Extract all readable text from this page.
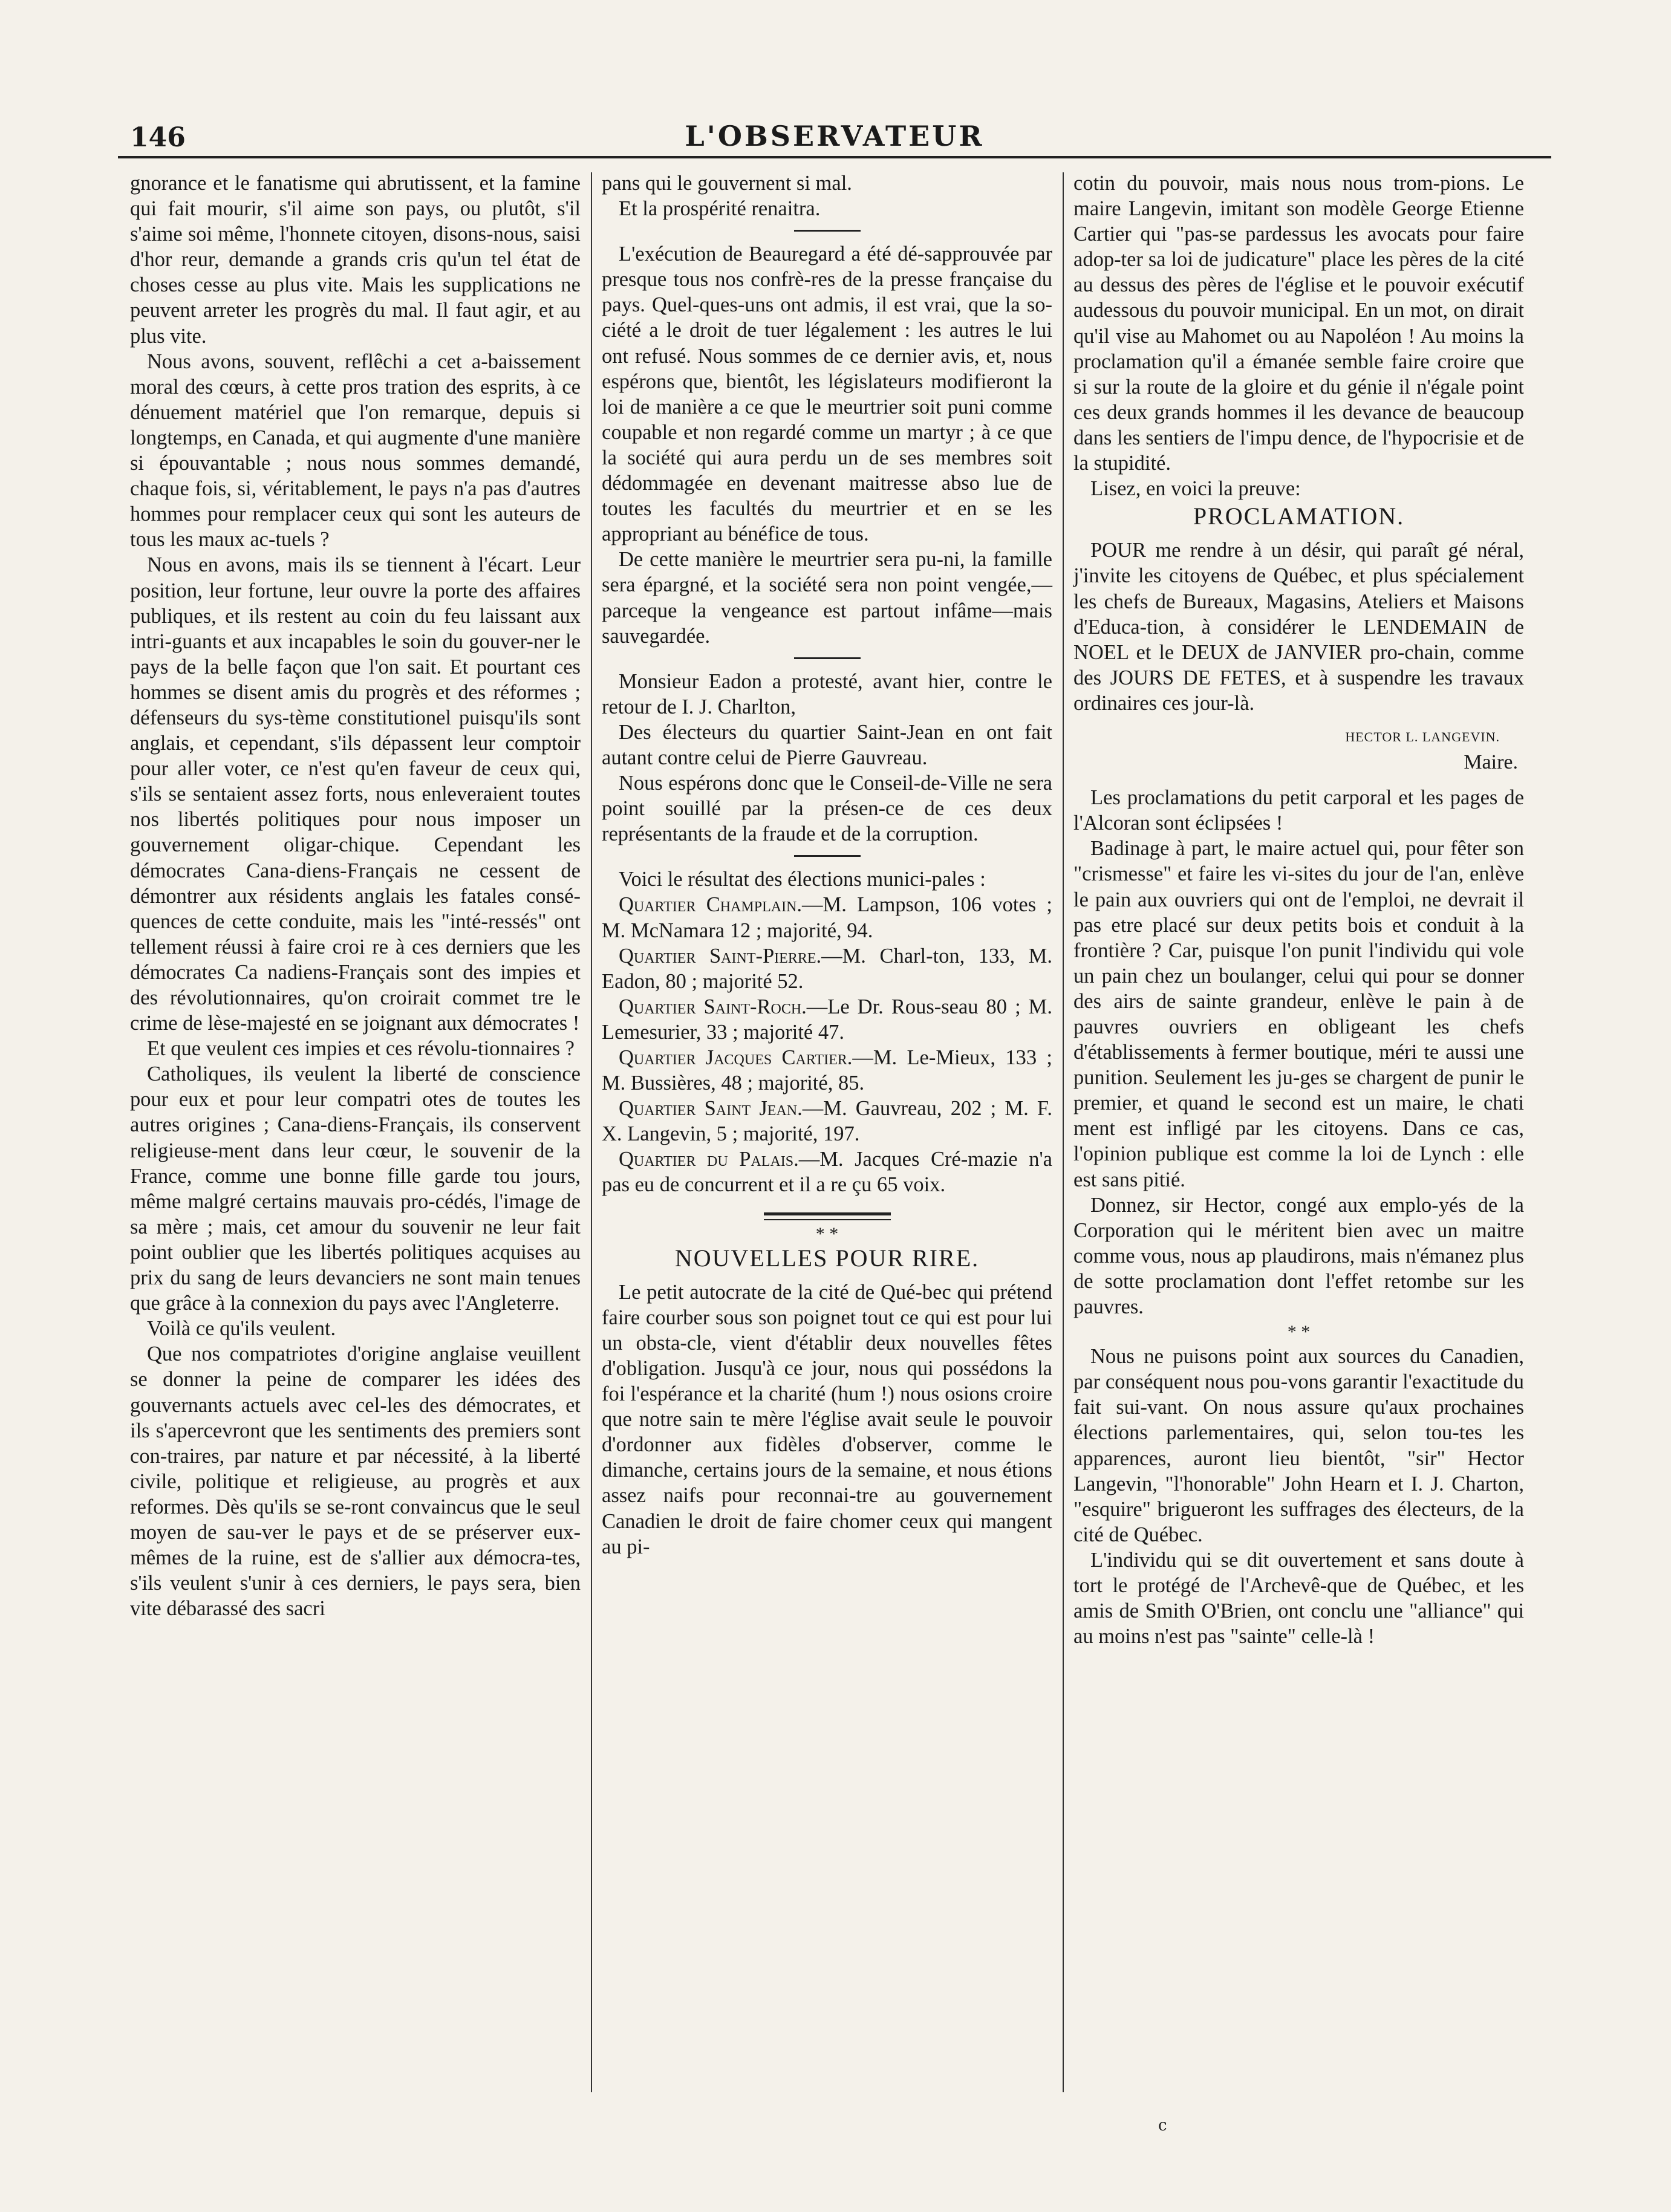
146	L'OBSERVATEUR

gnorance et le fanatisme qui abrutissent, et la famine qui fait mourir, s'il aime son pays, ou plutôt, s'il s'aime soi même, l'honnete citoyen, disons-nous, saisi d'hor reur, demande a grands cris qu'un tel état de choses cesse au plus vite. Mais les supplications ne peuvent arreter les progrès du mal. Il faut agir, et au plus vite.

Nous avons, souvent, reflêchi a cet a-baissement moral des cœurs, à cette pros tration des esprits, à ce dénuement matériel que l'on remarque, depuis si longtemps, en Canada, et qui augmente d'une manière si épouvantable ; nous nous sommes demandé, chaque fois, si, véritablement, le pays n'a pas d'autres hommes pour remplacer ceux qui sont les auteurs de tous les maux ac-tuels ?

Nous en avons, mais ils se tiennent à l'écart. Leur position, leur fortune, leur ouvre la porte des affaires publiques, et ils restent au coin du feu laissant aux intri-guants et aux incapables le soin du gouver-ner le pays de la belle façon que l'on sait. Et pourtant ces hommes se disent amis du progrès et des réformes ; défenseurs du sys-tème constitutionel puisqu'ils sont anglais, et cependant, s'ils dépassent leur comptoir pour aller voter, ce n'est qu'en faveur de ceux qui, s'ils se sentaient assez forts, nous enleveraient toutes nos libertés politiques pour nous imposer un gouvernement oligar-chique. Cependant les démocrates Cana-diens-Français ne cessent de démontrer aux résidents anglais les fatales consé-quences de cette conduite, mais les "inté-ressés" ont tellement réussi à faire croi re à ces derniers que les démocrates Ca nadiens-Français sont des impies et des révolutionnaires, qu'on croirait commet tre le crime de lèse-majesté en se joignant aux démocrates !

Et que veulent ces impies et ces révolu-tionnaires ?

Catholiques, ils veulent la liberté de conscience pour eux et pour leur compatri otes de toutes les autres origines ; Cana-diens-Français, ils conservent religieuse-ment dans leur cœur, le souvenir de la France, comme une bonne fille garde tou jours, même malgré certains mauvais pro-cédés, l'image de sa mère ; mais, cet amour du souvenir ne leur fait point oublier que les libertés politiques acquises au prix du sang de leurs devanciers ne sont main tenues que grâce à la connexion du pays avec l'Angleterre.

Voilà ce qu'ils veulent.

Que nos compatriotes d'origine anglaise veuillent se donner la peine de comparer les idées des gouvernants actuels avec cel-les des démocrates, et ils s'apercevront que les sentiments des premiers sont con-traires, par nature et par nécessité, à la liberté civile, politique et religieuse, au progrès et aux reformes. Dès qu'ils se se-ront convaincus que le seul moyen de sau-ver le pays et de se préserver eux-mêmes de la ruine, est de s'allier aux démocra-tes, s'ils veulent s'unir à ces derniers, le pays sera, bien vite débarassé des sacri

pans qui le gouvernent si mal.

Et la prospérité renaitra.

L'exécution de Beauregard a été dé-sapprouvée par presque tous nos confrè-res de la presse française du pays. Quel-ques-uns ont admis, il est vrai, que la so-ciété a le droit de tuer légalement : les autres le lui ont refusé. Nous sommes de ce dernier avis, et, nous espérons que, bientôt, les législateurs modifieront la loi de manière a ce que le meurtrier soit puni comme coupable et non regardé comme un martyr ; à ce que la société qui aura perdu un de ses membres soit dédommagée en devenant maitresse abso lue de toutes les facultés du meurtrier et en se les appropriant au bénéfice de tous.

De cette manière le meurtrier sera pu-ni, la famille sera épargné, et la société sera non point vengée,—parceque la vengeance est partout infâme—mais sauvegardée.

Monsieur Eadon a protesté, avant hier, contre le retour de I. J. Charlton,

Des électeurs du quartier Saint-Jean en ont fait autant contre celui de Pierre Gauvreau.

Nous espérons donc que le Conseil-de-Ville ne sera point souillé par la présen-ce de ces deux représentants de la fraude et de la corruption.

Voici le résultat des élections munici-pales :

Quartier Champlain.—M. Lampson, 106 votes ; M. McNamara 12 ; majorité, 94.

Quartier Saint-Pierre.—M. Charl-ton, 133, M. Eadon, 80 ; majorité 52.

Quartier Saint-Roch.—Le Dr. Rous-seau 80 ; M. Lemesurier, 33 ; majorité 47.

Quartier Jacques Cartier.—M. Le-Mieux, 133 ; M. Bussières, 48 ; majorité, 85.

Quartier Saint Jean.—M. Gauvreau, 202 ; M. F. X. Langevin, 5 ; majorité, 197.

Quartier du Palais.—M. Jacques Cré-mazie n'a pas eu de concurrent et il a re çu 65 voix.

* *
NOUVELLES POUR RIRE.

Le petit autocrate de la cité de Qué-bec qui prétend faire courber sous son poignet tout ce qui est pour lui un obsta-cle, vient d'établir deux nouvelles fêtes d'obligation. Jusqu'à ce jour, nous qui possédons la foi l'espérance et la charité (hum !) nous osions croire que notre sain te mère l'église avait seule le pouvoir d'ordonner aux fidèles d'observer, comme le dimanche, certains jours de la semaine, et nous étions assez naifs pour reconnai-tre au gouvernement Canadien le droit de faire chomer ceux qui mangent au pi-

cotin du pouvoir, mais nous nous trom-pions. Le maire Langevin, imitant son modèle George Etienne Cartier qui "pas-se pardessus les avocats pour faire adop-ter sa loi de judicature" place les pères de la cité au dessus des pères de l'église et le pouvoir exécutif audessous du pouvoir municipal. En un mot, on dirait qu'il vise au Mahomet ou au Napoléon ! Au moins la proclamation qu'il a émanée semble faire croire que si sur la route de la gloire et du génie il n'égale point ces deux grands hommes il les devance de beaucoup dans les sentiers de l'impu dence, de l'hypocrisie et de la stupidité.

Lisez, en voici la preuve:

PROCLAMATION.

POUR me rendre à un désir, qui paraît gé néral, j'invite les citoyens de Québec, et plus spécialement les chefs de Bureaux, Magasins, Ateliers et Maisons d'Educa-tion, à considérer le LENDEMAIN de NOEL et le DEUX de JANVIER pro-chain, comme des JOURS DE FETES, et à suspendre les travaux ordinaires ces jour-là.

HECTOR L. LANGEVIN.
Maire.

Les proclamations du petit carporal et les pages de l'Alcoran sont éclipsées !

Badinage à part, le maire actuel qui, pour fêter son "crismesse" et faire les vi-sites du jour de l'an, enlève le pain aux ouvriers qui ont de l'emploi, ne devrait il pas etre placé sur deux petits bois et conduit à la frontière ? Car, puisque l'on punit l'individu qui vole un pain chez un boulanger, celui qui pour se donner des airs de sainte grandeur, enlève le pain à de pauvres ouvriers en obligeant les chefs d'établissements à fermer boutique, méri te aussi une punition. Seulement les ju-ges se chargent de punir le premier, et quand le second est un maire, le chati ment est infligé par les citoyens. Dans ce cas, l'opinion publique est comme la loi de Lynch : elle est sans pitié.

Donnez, sir Hector, congé aux emplo-yés de la Corporation qui le méritent bien avec un maitre comme vous, nous ap plaudirons, mais n'émanez plus de sotte proclamation dont l'effet retombe sur les pauvres.

* *

Nous ne puisons point aux sources du Canadien, par conséquent nous pou-vons garantir l'exactitude du fait sui-vant. On nous assure qu'aux prochaines élections parlementaires, qui, selon tou-tes les apparences, auront lieu bientôt, "sir" Hector Langevin, "l'honorable" John Hearn et I. J. Charton, "esquire" brigueront les suffrages des électeurs, de la cité de Québec.

L'individu qui se dit ouvertement et sans doute à tort le protégé de l'Archevê-que de Québec, et les amis de Smith O'Brien, ont conclu une "alliance" qui au moins n'est pas "sainte" celle-là !

c
